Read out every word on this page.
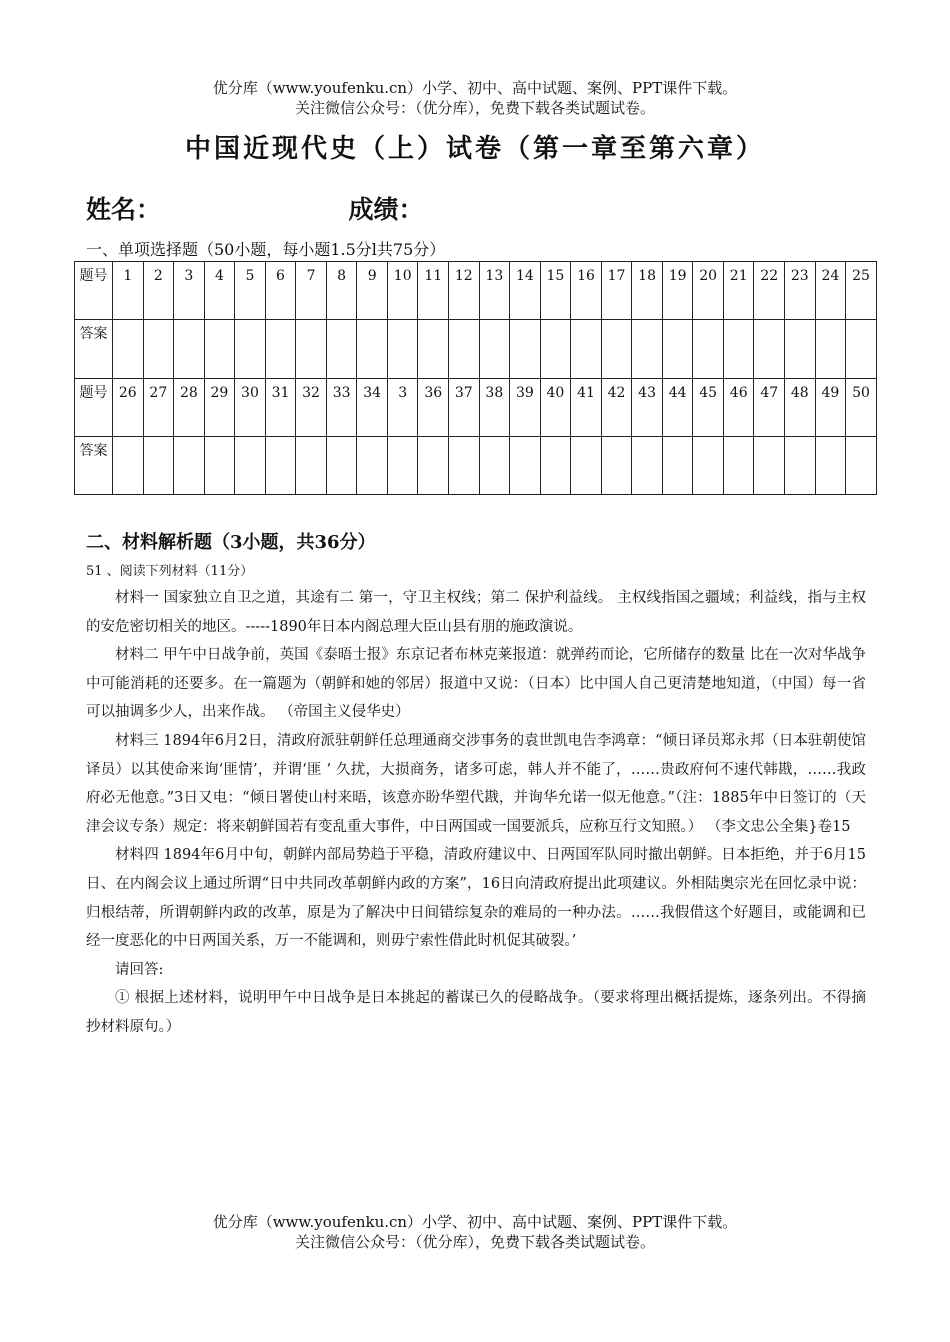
优分库（www.youfenku.cn）小学、初中、高中试题、案例、PPT课件下载。
关注微信公众号：（优分库），免费下载各类试题试卷。
中国近现代史（上）试卷（第一章至第六章）
姓名：	成绩：
一、单项选择题（50小题，每小题1.5分l共75分）
题号	1	2	3	4	5	6	7	8	9	10	11	12	13	14	15	16	17	18	19	20	21	22	23	24	25
答案																									
题号	26	27	28	29	30	31	32	33	34	3	36	37	38	39	40	41	42	43	44	45	46	47	48	49	50
答案																									
二、材料解析题（3小题，共36分）
51 、阅读下列材料（11分）

材料一 国家独立自卫之道，其途有二 第一，守卫主权线；第二 保护利益线。 主权线指国之疆域；利益线，指与主权的安危密切相关的地区。-----1890年日本内阁总理大臣山县有朋的施政演说。

材料二 甲午中日战争前，英国《泰晤士报》东京记者布林克莱报道：就弹药而论，它所储存的数量 比在一次对华战争中可能消耗的还要多。在一篇题为（朝鲜和她的邻居）报道中又说：（日本）比中国人自己更清楚地知道，（中国）每一省可以抽调多少人，出来作战。 （帝国主义侵华史）

材料三 1894年6月2日，清政府派驻朝鲜任总理通商交涉事务的袁世凯电告李鸿章：“倾日译员郑永邦（日本驻朝使馆译员）以其使命来询‘匪情’，并谓‘匪 ’ 久扰，大损商务，诸多可虑，韩人并不能了，……贵政府何不速代韩戡，……我政府必无他意。”3日又电：“倾日署使山村来晤，该意亦盼华塑代戡，并询华允诺一似无他意。”（注：1885年中日签订的（天津会议专条）规定：将来朝鲜国若有变乱重大事件，中日两国或一国要派兵，应称互行文知照。） （李文忠公全集}卷15

材料四 1894年6月中旬，朝鲜内部局势趋于平稳，清政府建议中、日两国军队同时撤出朝鲜。日本拒绝，并于6月15日、在内阁会议上通过所谓“日中共同改革朝鲜内政的方案”，16日向清政府提出此项建议。外相陆奥宗光在回忆录中说：归根结蒂，所谓朝鲜内政的改革，原是为了解决中日间错综复杂的难局的一种办法。……我假借这个好题目，或能调和已经一度恶化的中日两国关系，万一不能调和，则毋宁索性借此时机促其破裂。’

请回答:

① 根据上述材料，说明甲午中日战争是日本挑起的蓄谋已久的侵略战争。（要求将理出概括提炼，逐条列出。不得摘抄材料原句。）

优分库（www.youfenku.cn）小学、初中、高中试题、案例、PPT课件下载。
关注微信公众号：（优分库），免费下载各类试题试卷。
